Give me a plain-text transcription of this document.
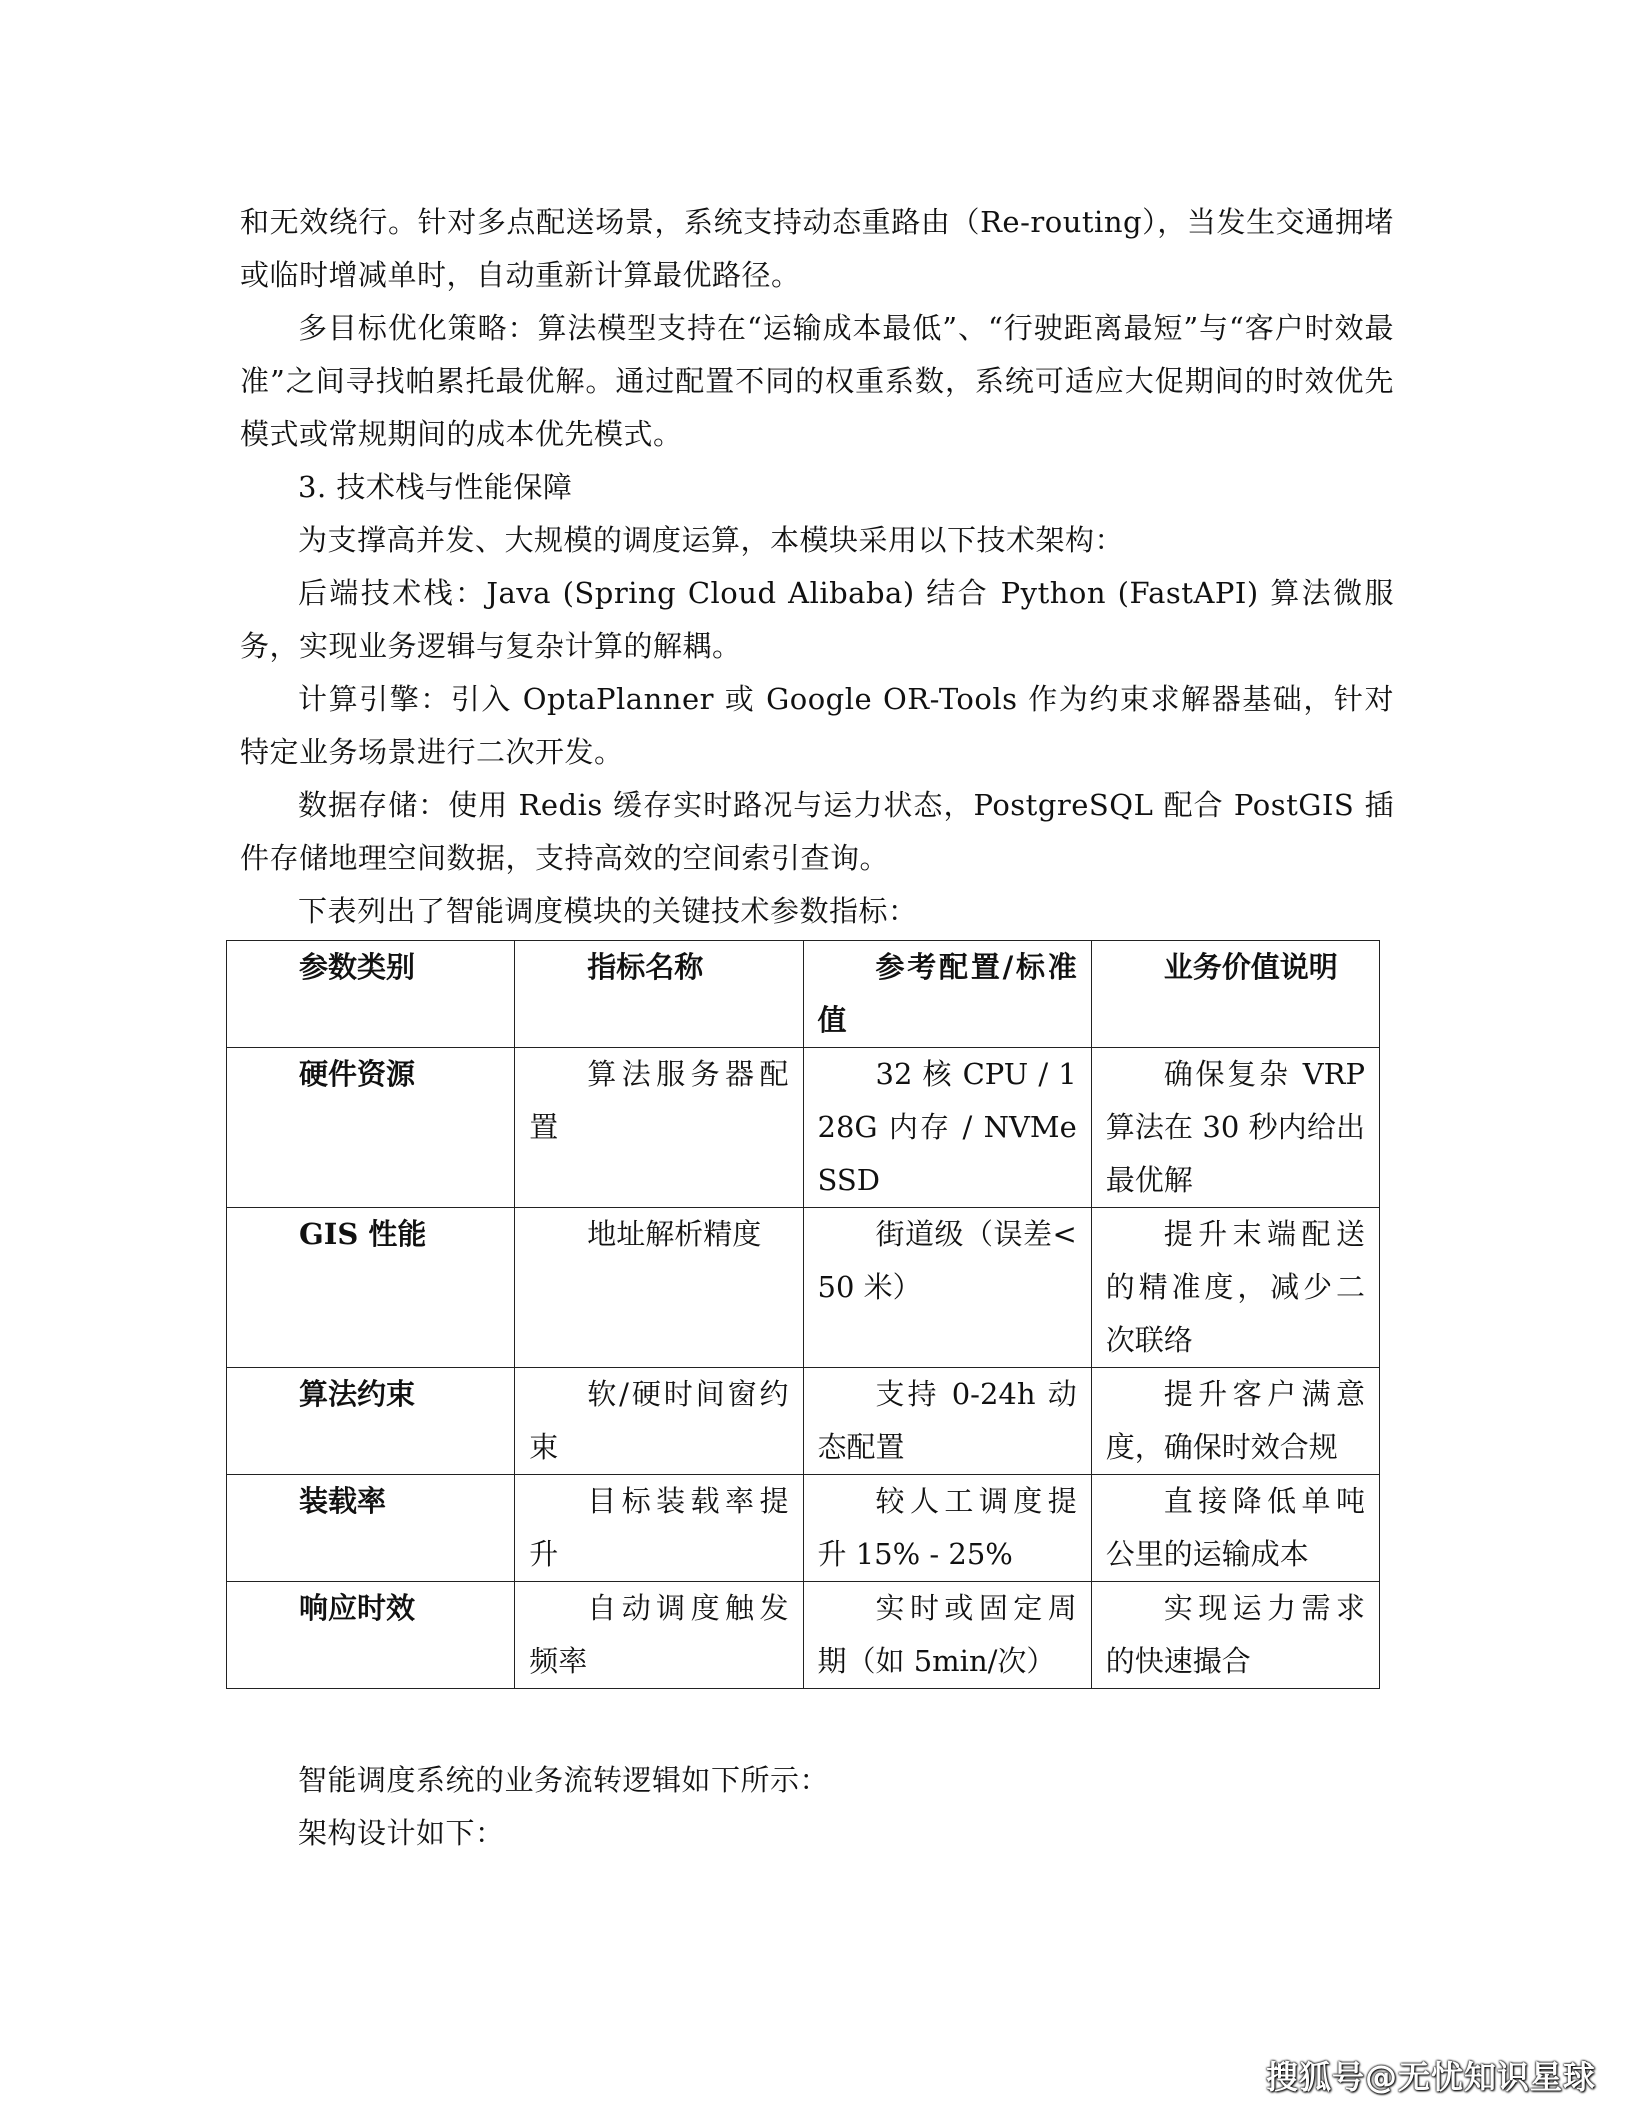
和无效绕行。针对多点配送场景，系统支持动态重路由（Re-routing），当发生交通拥堵或临时增减单时，自动重新计算最优路径。

多目标优化策略：算法模型支持在“运输成本最低”、“行驶距离最短”与“客户时效最准”之间寻找帕累托最优解。通过配置不同的权重系数，系统可适应大促期间的时效优先模式或常规期间的成本优先模式。

3. 技术栈与性能保障

为支撑高并发、大规模的调度运算，本模块采用以下技术架构：

后端技术栈：Java (Spring Cloud Alibaba) 结合 Python (FastAPI) 算法微服务，实现业务逻辑与复杂计算的解耦。

计算引擎：引入 OptaPlanner 或 Google OR-Tools 作为约束求解器基础，针对特定业务场景进行二次开发。

数据存储：使用 Redis 缓存实时路况与运力状态，PostgreSQL 配合 PostGIS 插件存储地理空间数据，支持高效的空间索引查询。

下表列出了智能调度模块的关键技术参数指标：

参数类别	指标名称	参考配置/标准值	业务价值说明
硬件资源	算法服务器配置	32 核 CPU / 128G 内存 / NVMe SSD	确保复杂 VRP 算法在 30 秒内给出最优解
GIS 性能	地址解析精度	街道级（误差<50 米）	提升末端配送的精准度，减少二次联络
算法约束	软/硬时间窗约束	支持 0-24h 动态配置	提升客户满意度，确保时效合规
装载率	目标装载率提升	较人工调度提升 15% - 25%	直接降低单吨公里的运输成本
响应时效	自动调度触发频率	实时或固定周期（如 5min/次）	实现运力需求的快速撮合

智能调度系统的业务流转逻辑如下所示：

架构设计如下：

搜狐号@无忧知识星球
